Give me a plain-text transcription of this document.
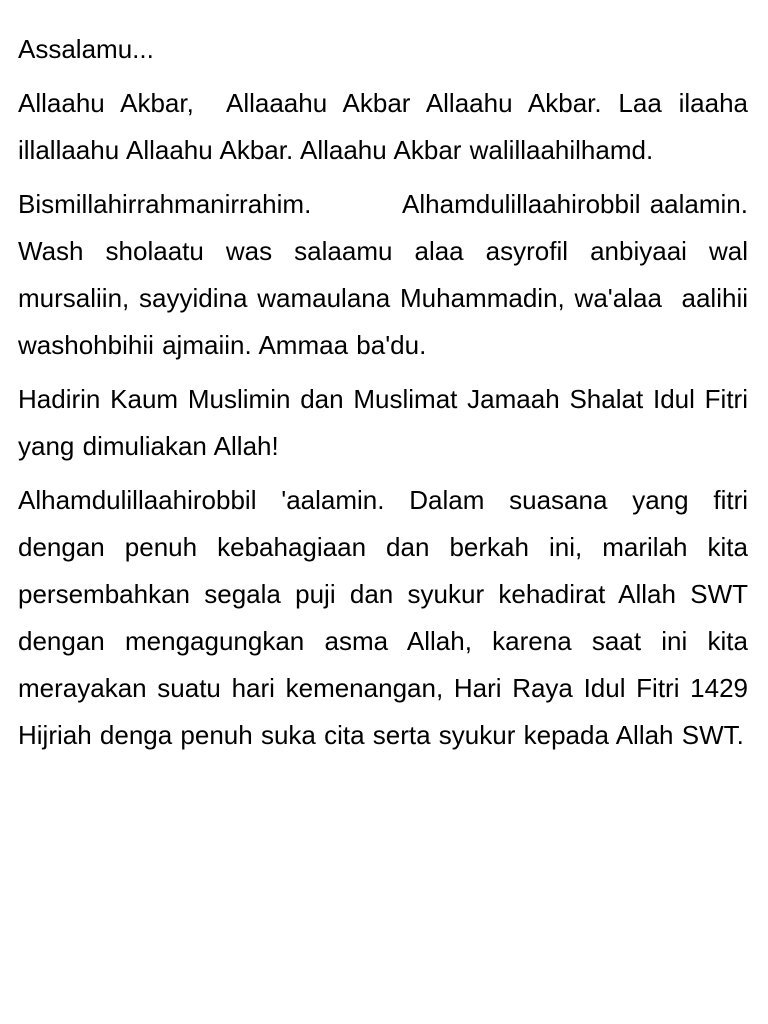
Assalamu...

Allaahu Akbar,  Allaaahu Akbar Allaahu Akbar. Laa ilaaha illallaahu Allaahu Akbar. Allaahu Akbar walillaahilhamd.

Bismillahirrahmanirrahim.          Alhamdulillaahirobbil aalamin. Wash sholaatu was salaamu alaa asyrofil anbiyaai wal mursaliin, sayyidina wamaulana Muhammadin, wa'alaa  aalihii washohbihii ajmaiin. Ammaa ba'du.

Hadirin Kaum Muslimin dan Muslimat Jamaah Shalat Idul Fitri yang dimuliakan Allah!

Alhamdulillaahirobbil 'aalamin. Dalam suasana yang fitri dengan penuh kebahagiaan dan berkah ini, marilah kita persembahkan segala puji dan syukur kehadirat Allah SWT dengan mengagungkan asma Allah, karena saat ini kita merayakan suatu hari kemenangan, Hari Raya Idul Fitri 1429 Hijriah denga penuh suka cita serta syukur kepada Allah SWT.
